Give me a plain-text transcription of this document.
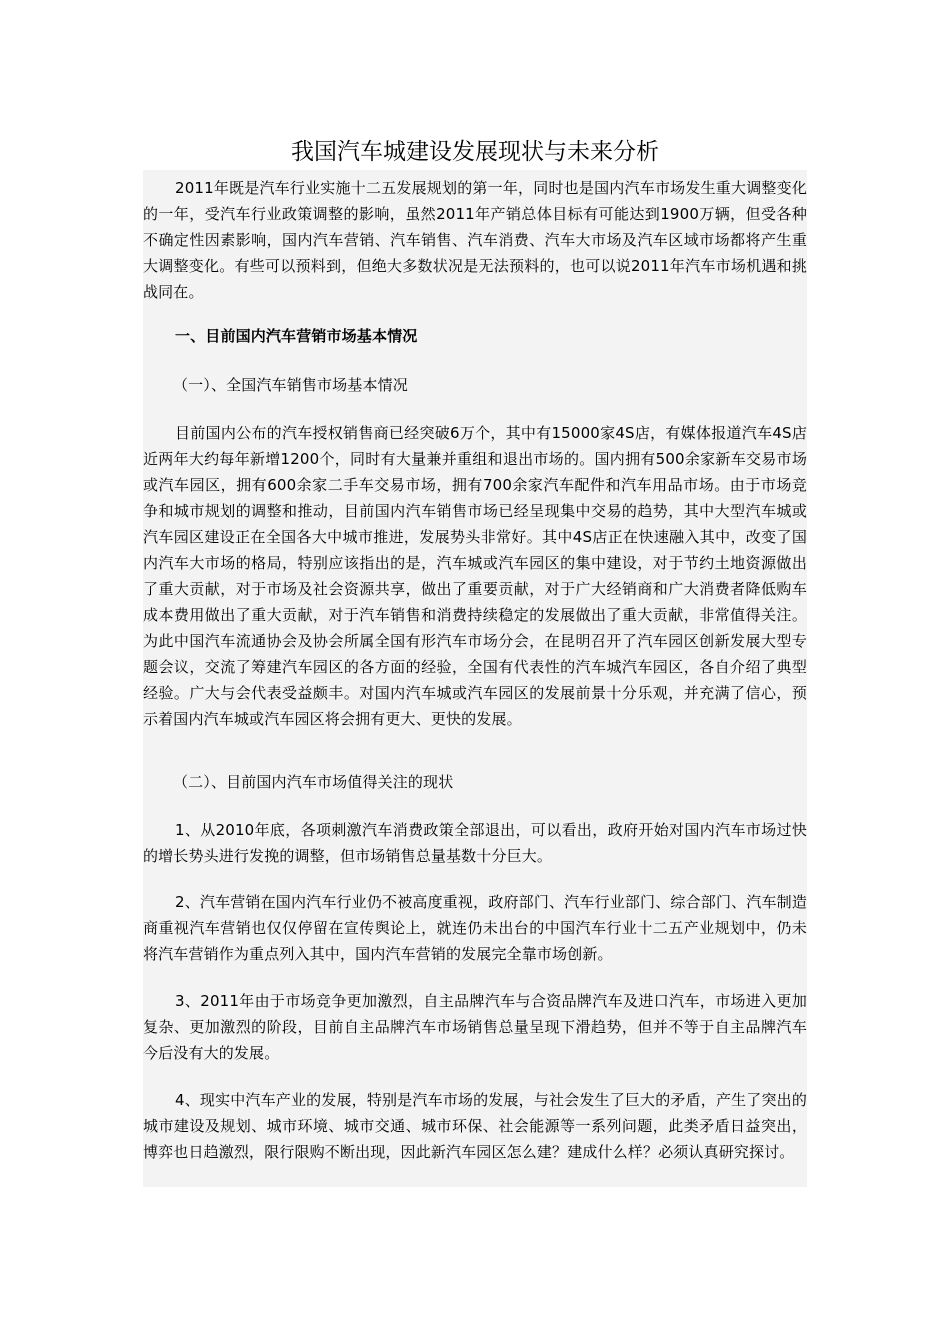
我国汽车城建设发展现状与未来分析

2011年既是汽车行业实施十二五发展规划的第一年，同时也是国内汽车市场发生重大调整变化的一年，受汽车行业政策调整的影响，虽然2011年产销总体目标有可能达到1900万辆，但受各种不确定性因素影响，国内汽车营销、汽车销售、汽车消费、汽车大市场及汽车区域市场都将产生重大调整变化。有些可以预料到，但绝大多数状况是无法预料的，也可以说2011年汽车市场机遇和挑战同在。

一、目前国内汽车营销市场基本情况

（一）、全国汽车销售市场基本情况

目前国内公布的汽车授权销售商已经突破6万个，其中有15000家4S店，有媒体报道汽车4S店近两年大约每年新增1200个，同时有大量兼并重组和退出市场的。国内拥有500余家新车交易市场或汽车园区，拥有600余家二手车交易市场，拥有700余家汽车配件和汽车用品市场。由于市场竞争和城市规划的调整和推动，目前国内汽车销售市场已经呈现集中交易的趋势，其中大型汽车城或汽车园区建设正在全国各大中城市推进，发展势头非常好。其中4S店正在快速融入其中，改变了国内汽车大市场的格局，特别应该指出的是，汽车城或汽车园区的集中建设，对于节约土地资源做出了重大贡献，对于市场及社会资源共享，做出了重要贡献，对于广大经销商和广大消费者降低购车成本费用做出了重大贡献，对于汽车销售和消费持续稳定的发展做出了重大贡献，非常值得关注。为此中国汽车流通协会及协会所属全国有形汽车市场分会，在昆明召开了汽车园区创新发展大型专题会议，交流了筹建汽车园区的各方面的经验，全国有代表性的汽车城汽车园区，各自介绍了典型经验。广大与会代表受益颇丰。对国内汽车城或汽车园区的发展前景十分乐观，并充满了信心，预示着国内汽车城或汽车园区将会拥有更大、更快的发展。

（二）、目前国内汽车市场值得关注的现状

1、从2010年底，各项刺激汽车消费政策全部退出，可以看出，政府开始对国内汽车市场过快的增长势头进行发挽的调整，但市场销售总量基数十分巨大。

2、汽车营销在国内汽车行业仍不被高度重视，政府部门、汽车行业部门、综合部门、汽车制造商重视汽车营销也仅仅停留在宣传舆论上，就连仍未出台的中国汽车行业十二五产业规划中，仍未将汽车营销作为重点列入其中，国内汽车营销的发展完全靠市场创新。

3、2011年由于市场竞争更加激烈，自主品牌汽车与合资品牌汽车及进口汽车，市场进入更加复杂、更加激烈的阶段，目前自主品牌汽车市场销售总量呈现下滑趋势，但并不等于自主品牌汽车今后没有大的发展。

4、现实中汽车产业的发展，特别是汽车市场的发展，与社会发生了巨大的矛盾，产生了突出的城市建设及规划、城市环境、城市交通、城市环保、社会能源等一系列问题，此类矛盾日益突出，博弈也日趋激烈，限行限购不断出现，因此新汽车园区怎么建？建成什么样？必须认真研究探讨。
